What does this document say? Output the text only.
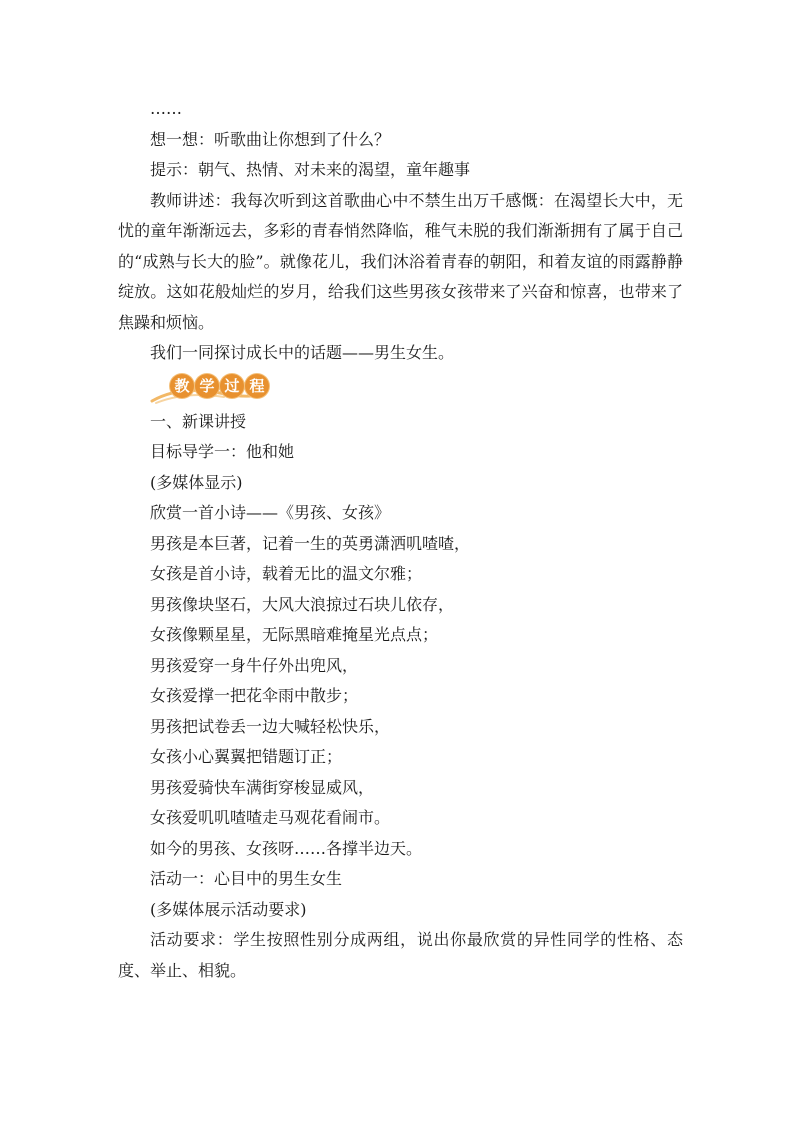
……

想一想：听歌曲让你想到了什么？

提示：朝气、热情、对未来的渴望，童年趣事

教师讲述：我每次听到这首歌曲心中不禁生出万千感慨：在渴望长大中，无忧的童年渐渐远去，多彩的青春悄然降临，稚气未脱的我们渐渐拥有了属于自己的“成熟与长大的脸”。就像花儿，我们沐浴着青春的朝阳，和着友谊的雨露静静绽放。这如花般灿烂的岁月，给我们这些男孩女孩带来了兴奋和惊喜，也带来了焦躁和烦恼。

我们一同探讨成长中的话题——男生女生。

教 学 过 程

一、新课讲授

目标导学一：他和她

(多媒体显示)

欣赏一首小诗——《男孩、女孩》

男孩是本巨著，记着一生的英勇潇洒叽喳喳，

女孩是首小诗，载着无比的温文尔雅；

男孩像块坚石，大风大浪掠过石块儿依存，

女孩像颗星星，无际黑暗难掩星光点点；

男孩爱穿一身牛仔外出兜风，

女孩爱撑一把花伞雨中散步；

男孩把试卷丢一边大喊轻松快乐，

女孩小心翼翼把错题订正；

男孩爱骑快车满街穿梭显威风，

女孩爱叽叽喳喳走马观花看闹市。

如今的男孩、女孩呀……各撑半边天。

活动一：心目中的男生女生

(多媒体展示活动要求)

活动要求：学生按照性别分成两组，说出你最欣赏的异性同学的性格、态度、举止、相貌。
